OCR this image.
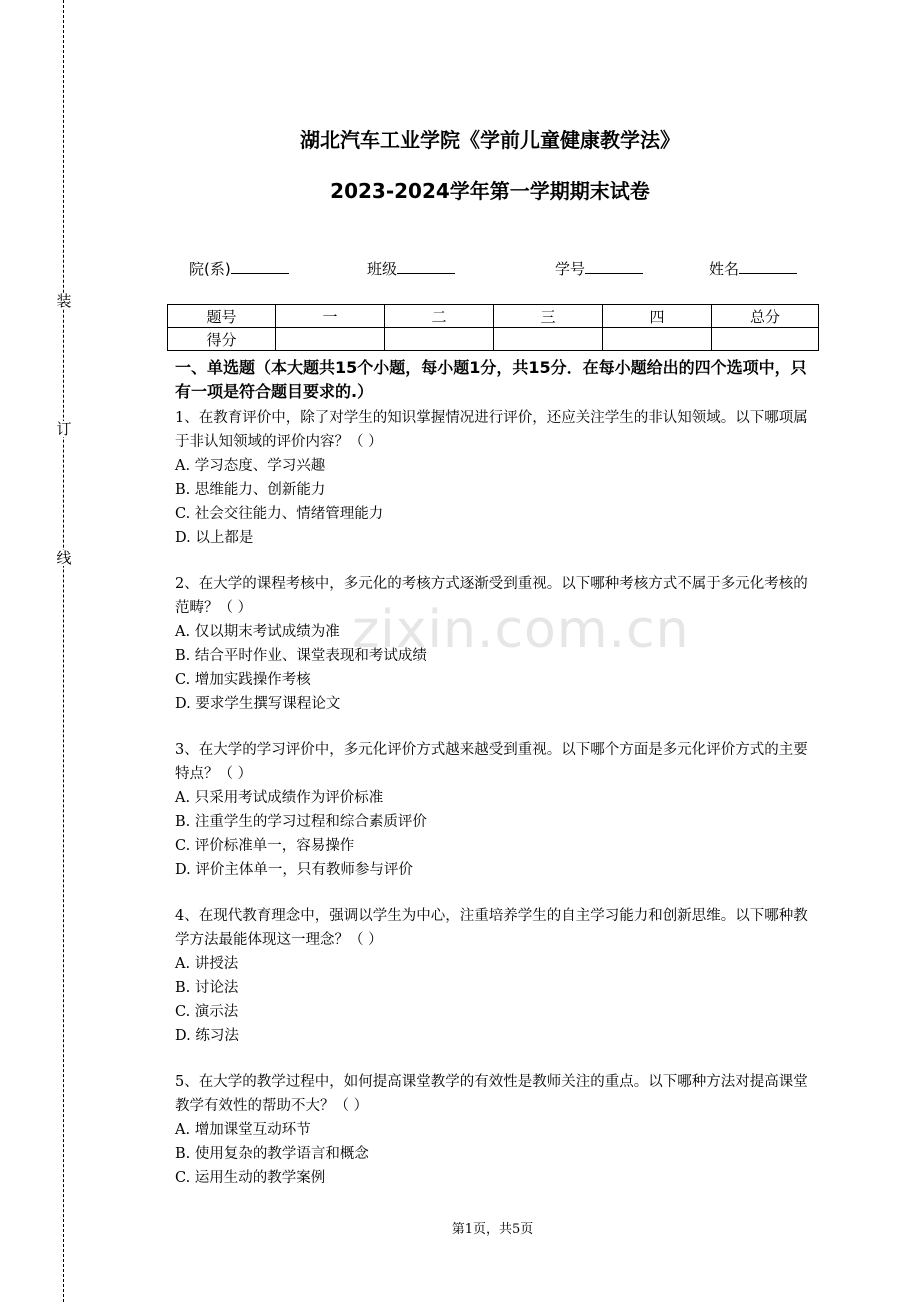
装
订
线
湖北汽车工业学院《学前儿童健康教学法》
2023-2024学年第一学期期末试卷
院(系)	班级	学号	姓名
题号	一	二	三	四	总分
得分					
zixin.com.cn
一、单选题（本大题共15个小题，每小题1分，共15分．在每小题给出的四个选项中，只有一项是符合题目要求的.）
1、在教育评价中，除了对学生的知识掌握情况进行评价，还应关注学生的非认知领域。以下哪项属于非认知领域的评价内容？（ ）
A. 学习态度、学习兴趣
B. 思维能力、创新能力
C. 社会交往能力、情绪管理能力
D. 以上都是
2、在大学的课程考核中，多元化的考核方式逐渐受到重视。以下哪种考核方式不属于多元化考核的范畴？（ ）
A. 仅以期末考试成绩为准
B. 结合平时作业、课堂表现和考试成绩
C. 增加实践操作考核
D. 要求学生撰写课程论文
3、在大学的学习评价中，多元化评价方式越来越受到重视。以下哪个方面是多元化评价方式的主要特点？（ ）
A. 只采用考试成绩作为评价标准
B. 注重学生的学习过程和综合素质评价
C. 评价标准单一，容易操作
D. 评价主体单一，只有教师参与评价
4、在现代教育理念中，强调以学生为中心，注重培养学生的自主学习能力和创新思维。以下哪种教学方法最能体现这一理念？（ ）
A. 讲授法
B. 讨论法
C. 演示法
D. 练习法
5、在大学的教学过程中，如何提高课堂教学的有效性是教师关注的重点。以下哪种方法对提高课堂教学有效性的帮助不大？（ ）
A. 增加课堂互动环节
B. 使用复杂的教学语言和概念
C. 运用生动的教学案例
第1页，共5页
